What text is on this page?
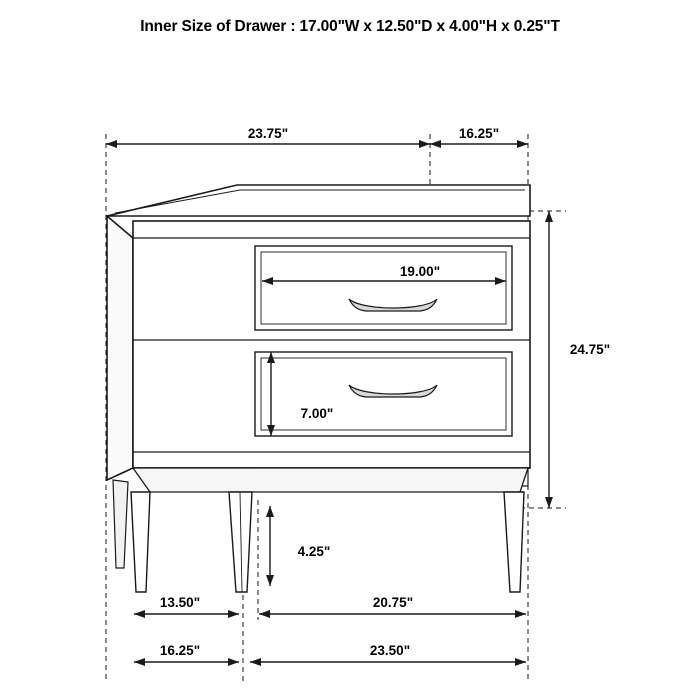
Inner Size of Drawer : 17.00"W x 12.50"D x 4.00"H x 0.25"T
23.75"	16.25"
19.00"
7.00"
24.75"
4.25"
13.50"	20.75"
16.25"	23.50"
